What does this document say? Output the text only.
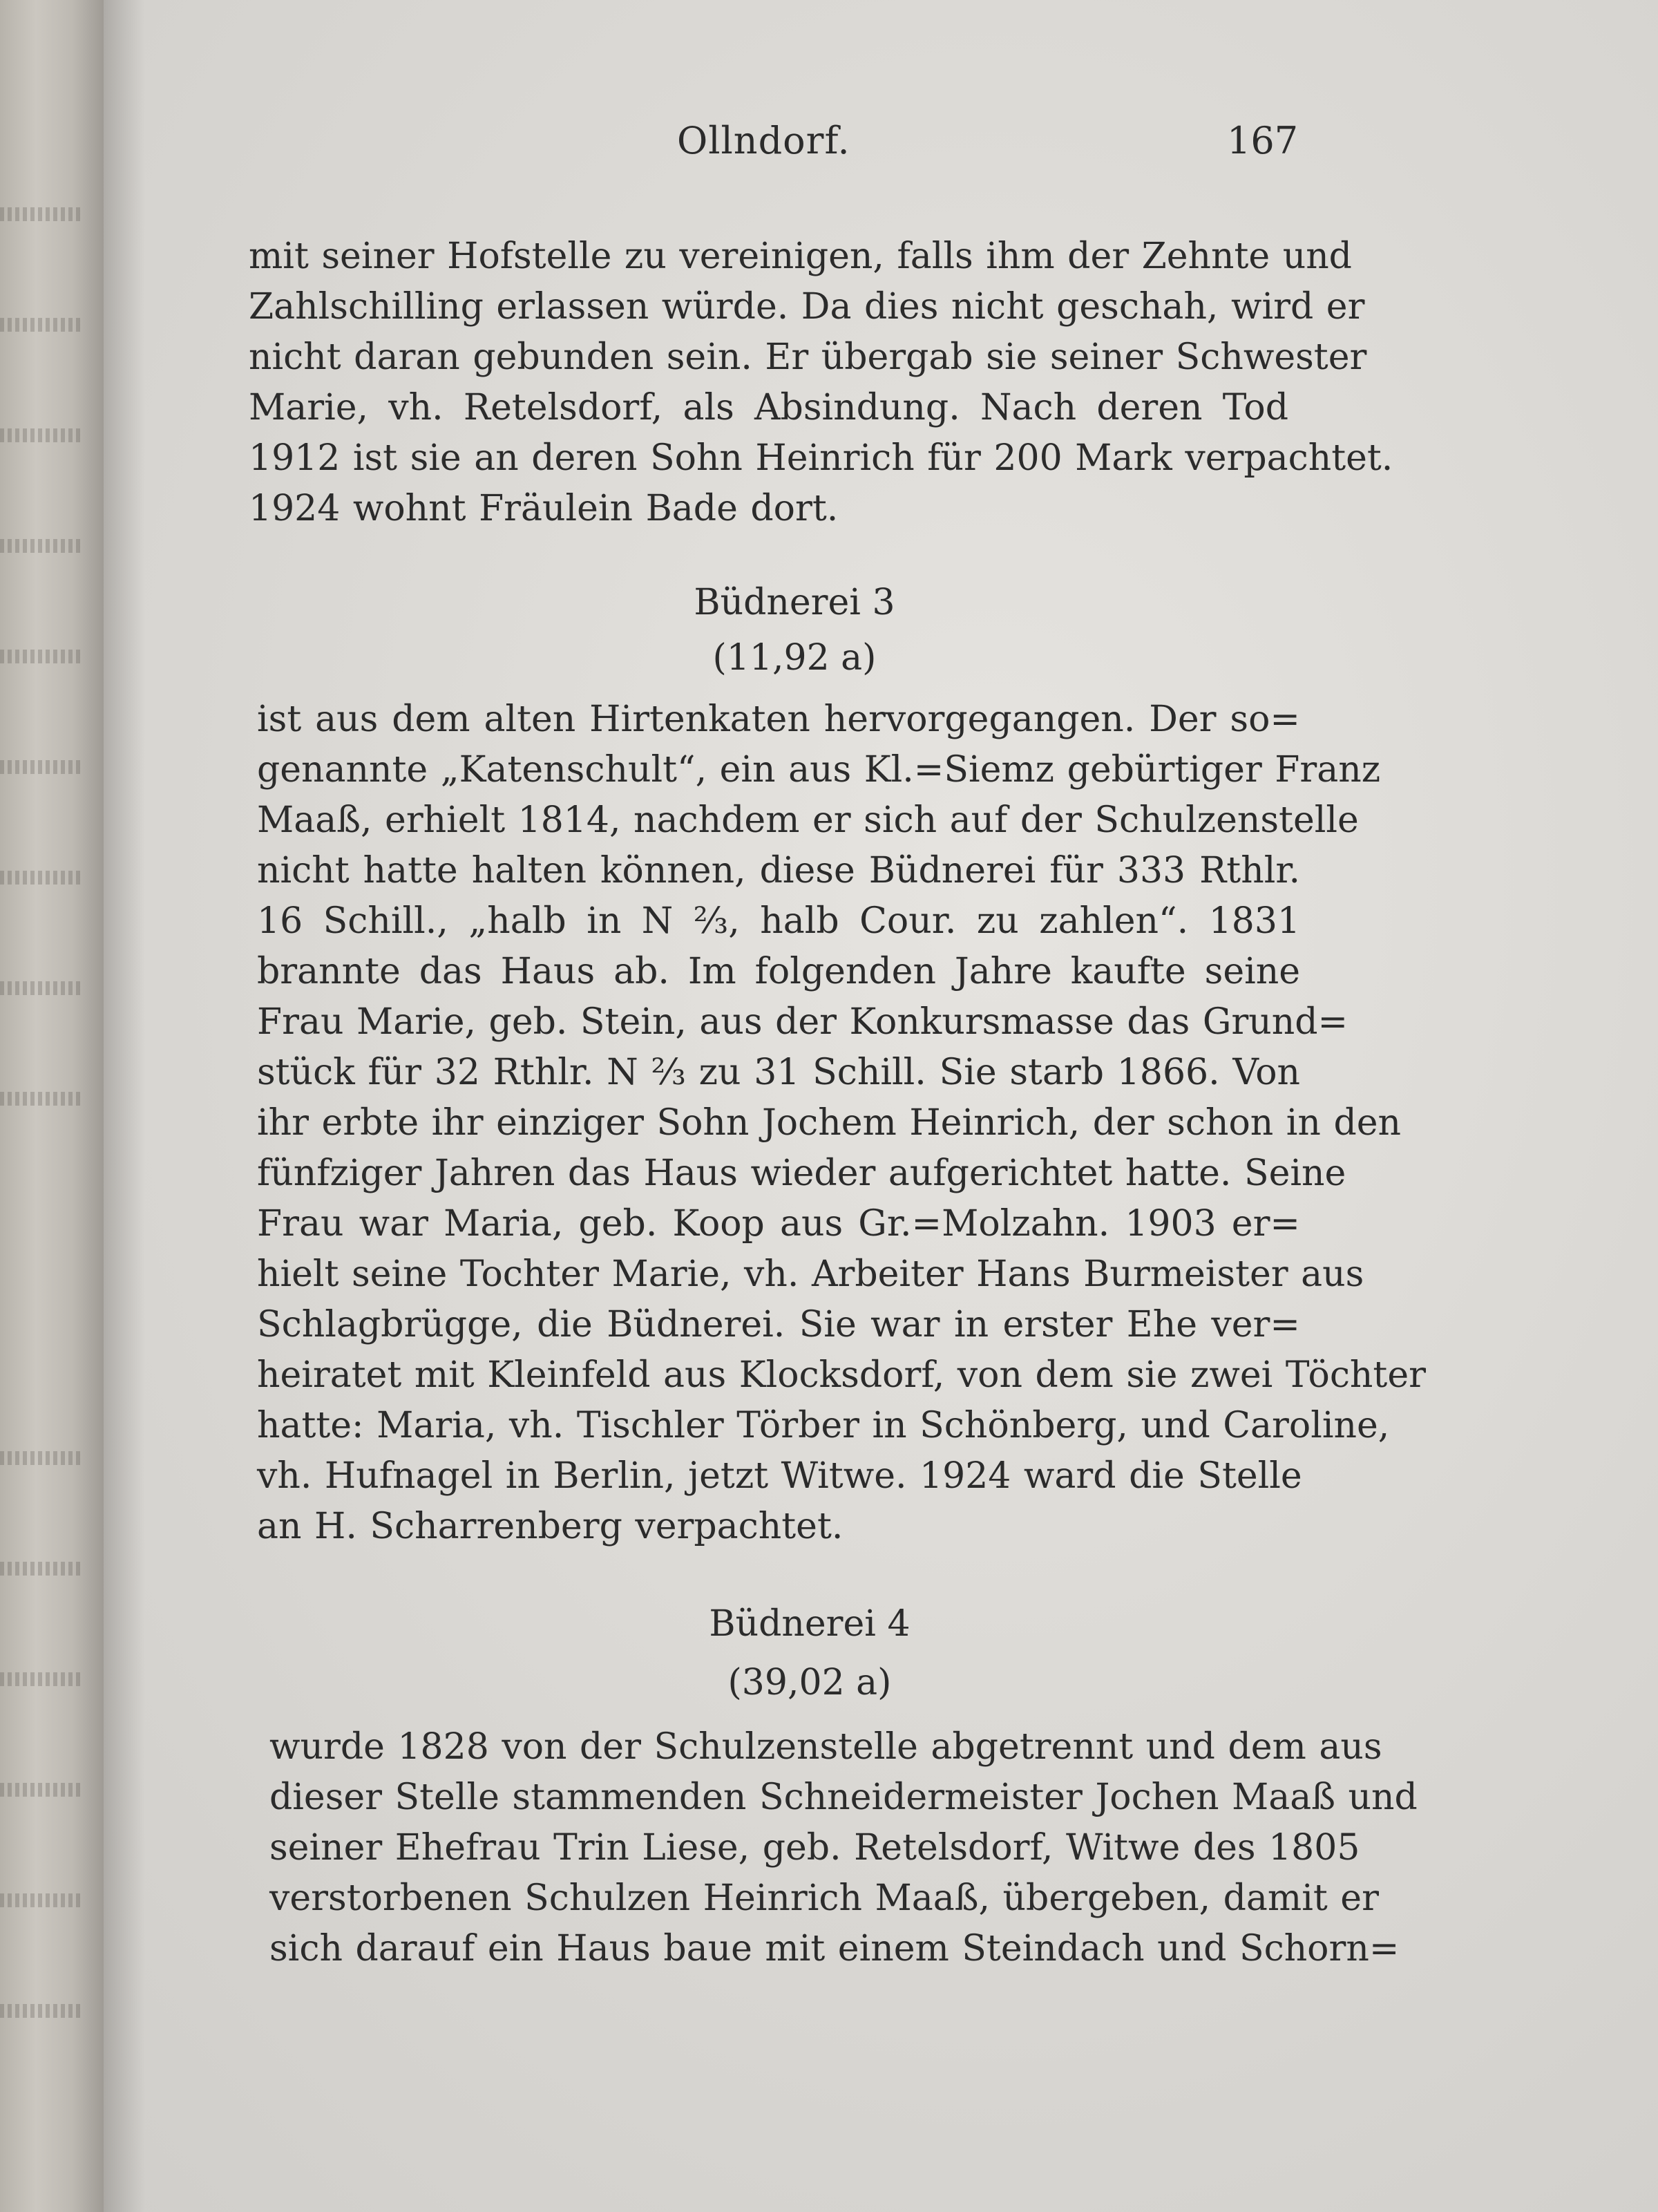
Ollndorf.	167
mit seiner Hofstelle zu vereinigen, falls ihm der Zehnte und
Zahlschilling erlassen würde. Da dies nicht geschah, wird er
nicht daran gebunden sein. Er übergab sie seiner Schwester
Marie, vh. Retelsdorf, als Absindung. Nach deren Tod
1912 ist sie an deren Sohn Heinrich für 200 Mark verpachtet.
1924 wohnt Fräulein Bade dort.
Büdnerei 3
(11,92 a)
ist aus dem alten Hirtenkaten hervorgegangen. Der so=
genannte „Katenschult“, ein aus Kl.=Siemz gebürtiger Franz
Maaß, erhielt 1814, nachdem er sich auf der Schulzenstelle
nicht hatte halten können, diese Büdnerei für 333 Rthlr.
16 Schill., „halb in N ⅔, halb Cour. zu zahlen“. 1831
brannte das Haus ab. Im folgenden Jahre kaufte seine
Frau Marie, geb. Stein, aus der Konkursmasse das Grund=
stück für 32 Rthlr. N ⅔ zu 31 Schill. Sie starb 1866. Von
ihr erbte ihr einziger Sohn Jochem Heinrich, der schon in den
fünfziger Jahren das Haus wieder aufgerichtet hatte. Seine
Frau war Maria, geb. Koop aus Gr.=Molzahn. 1903 er=
hielt seine Tochter Marie, vh. Arbeiter Hans Burmeister aus
Schlagbrügge, die Büdnerei. Sie war in erster Ehe ver=
heiratet mit Kleinfeld aus Klocksdorf, von dem sie zwei Töchter
hatte: Maria, vh. Tischler Törber in Schönberg, und Caroline,
vh. Hufnagel in Berlin, jetzt Witwe. 1924 ward die Stelle
an H. Scharrenberg verpachtet.
Büdnerei 4
(39,02 a)
wurde 1828 von der Schulzenstelle abgetrennt und dem aus
dieser Stelle stammenden Schneidermeister Jochen Maaß und
seiner Ehefrau Trin Liese, geb. Retelsdorf, Witwe des 1805
verstorbenen Schulzen Heinrich Maaß, übergeben, damit er
sich darauf ein Haus baue mit einem Steindach und Schorn=
